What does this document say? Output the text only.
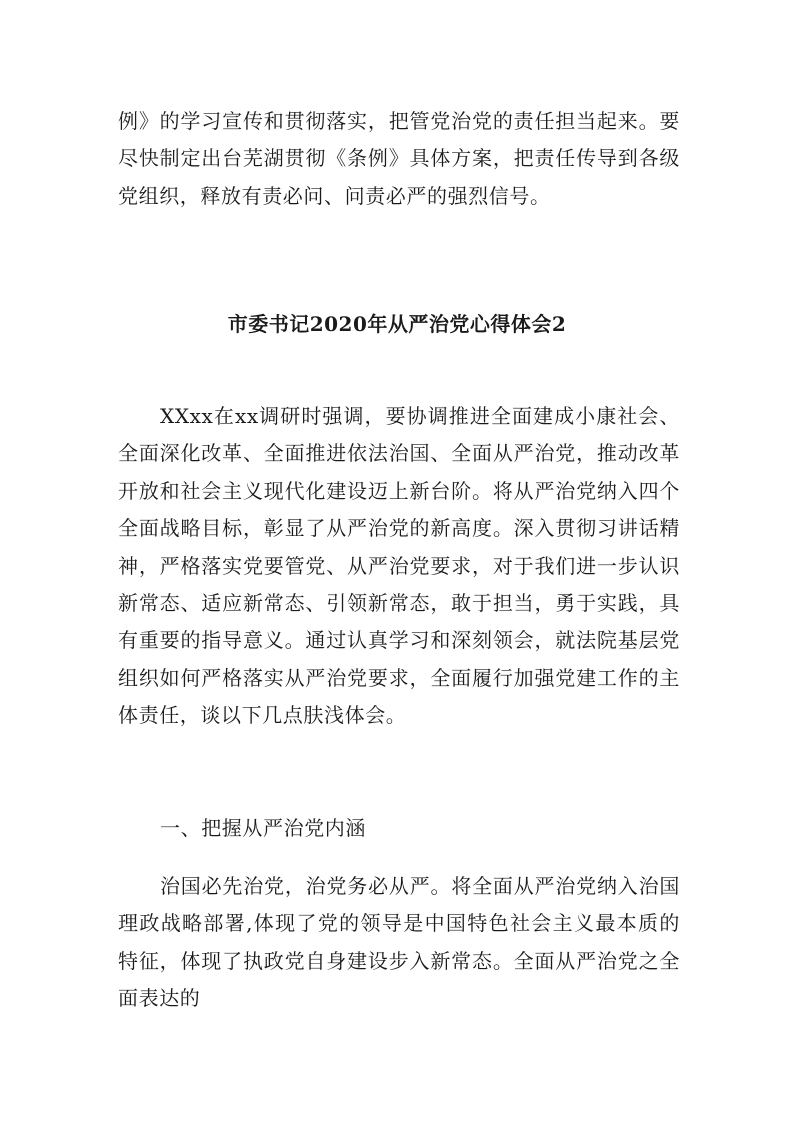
例》的学习宣传和贯彻落实，把管党治党的责任担当起来。要尽快制定出台芜湖贯彻《条例》具体方案，把责任传导到各级党组织，释放有责必问、问责必严的强烈信号。

市委书记2020年从严治党心得体会2

XXxx在xx调研时强调，要协调推进全面建成小康社会、全面深化改革、全面推进依法治国、全面从严治党，推动改革开放和社会主义现代化建设迈上新台阶。将从严治党纳入四个全面战略目标，彰显了从严治党的新高度。深入贯彻习讲话精神，严格落实党要管党、从严治党要求，对于我们进一步认识新常态、适应新常态、引领新常态，敢于担当，勇于实践，具有重要的指导意义。通过认真学习和深刻领会，就法院基层党组织如何严格落实从严治党要求，全面履行加强党建工作的主体责任，谈以下几点肤浅体会。

一、把握从严治党内涵

治国必先治党，治党务必从严。将全面从严治党纳入治国理政战略部署,体现了党的领导是中国特色社会主义最本质的特征，体现了执政党自身建设步入新常态。全面从严治党之全面表达的
